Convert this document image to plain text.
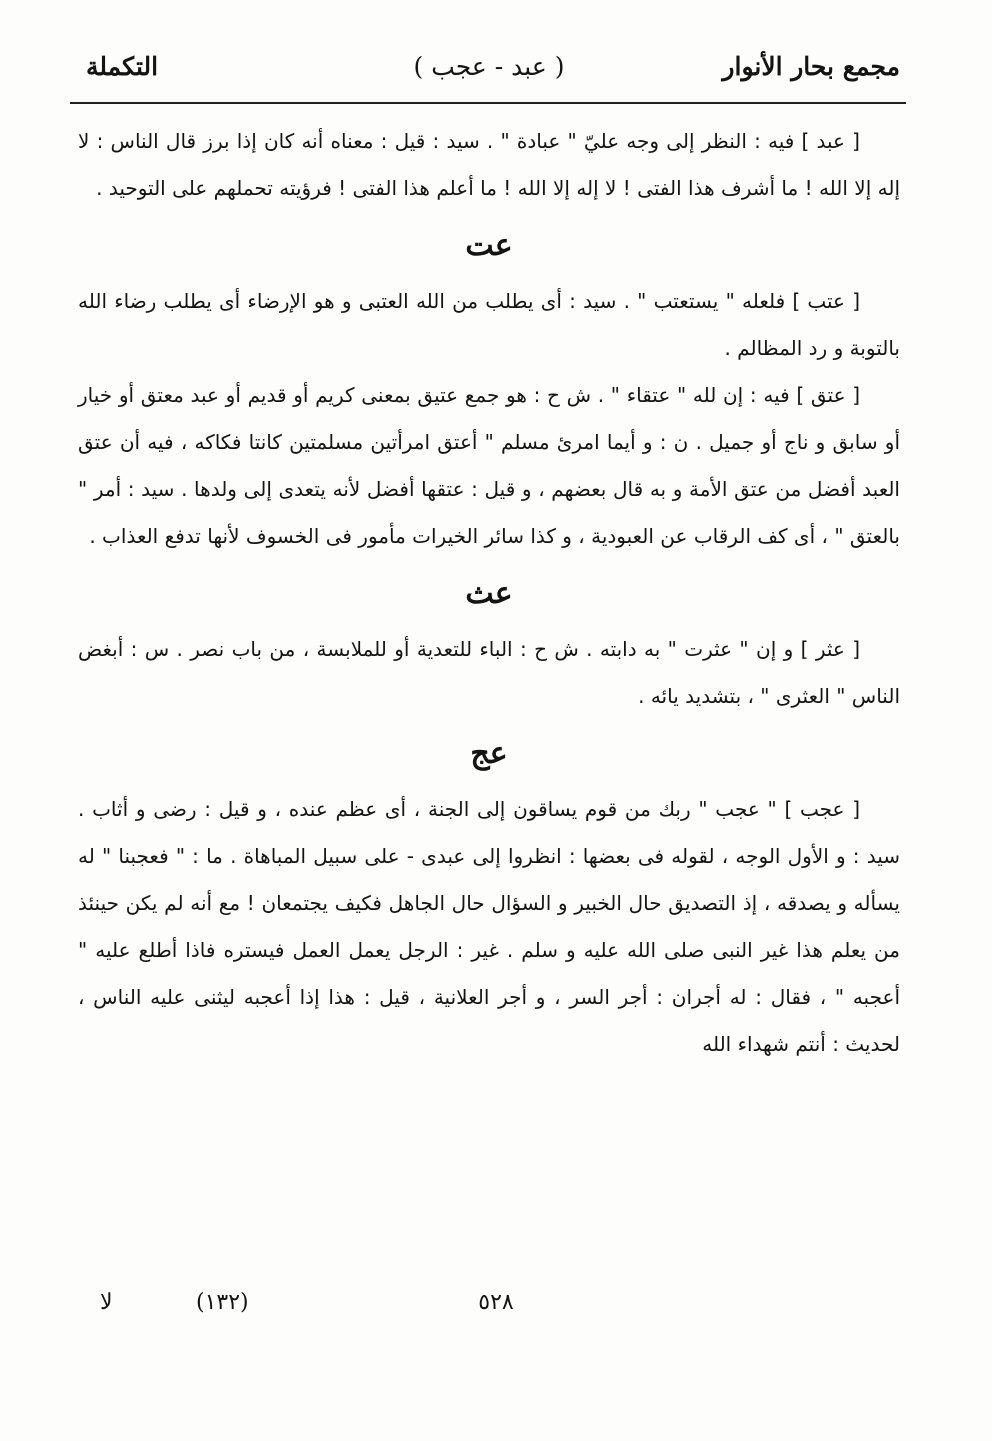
مجمع بحار الأنوار
( عبد - عجب )
التكملة

[ عبد ] فيه : النظر إلى وجه عليّ " عبادة " . سيد : قيل : معناه أنه كان إذا برز قال الناس : لا إله إلا الله ! ما أشرف هذا الفتى ! لا إله إلا الله ! ما أعلم هذا الفتى ! فرؤيته تحملهم على التوحيد .

عت

[ عتب ] فلعله " يستعتب " . سيد : أى يطلب من الله العتبى و هو الإرضاء أى يطلب رضاء الله بالتوبة و رد المظالم .

[ عتق ] فيه : إن لله " عتقاء " . ش ح : هو جمع عتيق بمعنى كريم أو قديم أو عبد معتق أو خيار أو سابق و ناج أو جميل . ن : و أيما امرئ مسلم " أعتق امرأتين مسلمتين كانتا فكاكه ، فيه أن عتق العبد أفضل من عتق الأمة و به قال بعضهم ، و قيل : عتقها أفضل لأنه يتعدى إلى ولدها . سيد : أمر " بالعتق " ، أى كف الرقاب عن العبودية ، و كذا سائر الخيرات مأمور فى الخسوف لأنها تدفع العذاب .

عث

[ عثر ] و إن " عثرت " به دابته . ش ح : الباء للتعدية أو للملابسة ، من باب نصر . س : أبغض الناس " العثرى " ، بتشديد يائه .

عج

[ عجب ] " عجب " ربك من قوم يساقون إلى الجنة ، أى عظم عنده ، و قيل : رضى و أثاب . سيد : و الأول الوجه ، لقوله فى بعضها : انظروا إلى عبدى - على سبيل المباهاة . ما : " فعجبنا " له يسأله و يصدقه ، إذ التصديق حال الخبير و السؤال حال الجاهل فكيف يجتمعان ! مع أنه لم يكن حينئذ من يعلم هذا غير النبى صلى الله عليه و سلم . غير : الرجل يعمل العمل فيستره فاذا أطلع عليه " أعجبه " ، فقال : له أجران : أجر السر ، و أجر العلانية ، قيل : هذا إذا أعجبه ليثنى عليه الناس ، لحديث : أنتم شهداء الله

٥٢٨
(١٣٢)
لا
